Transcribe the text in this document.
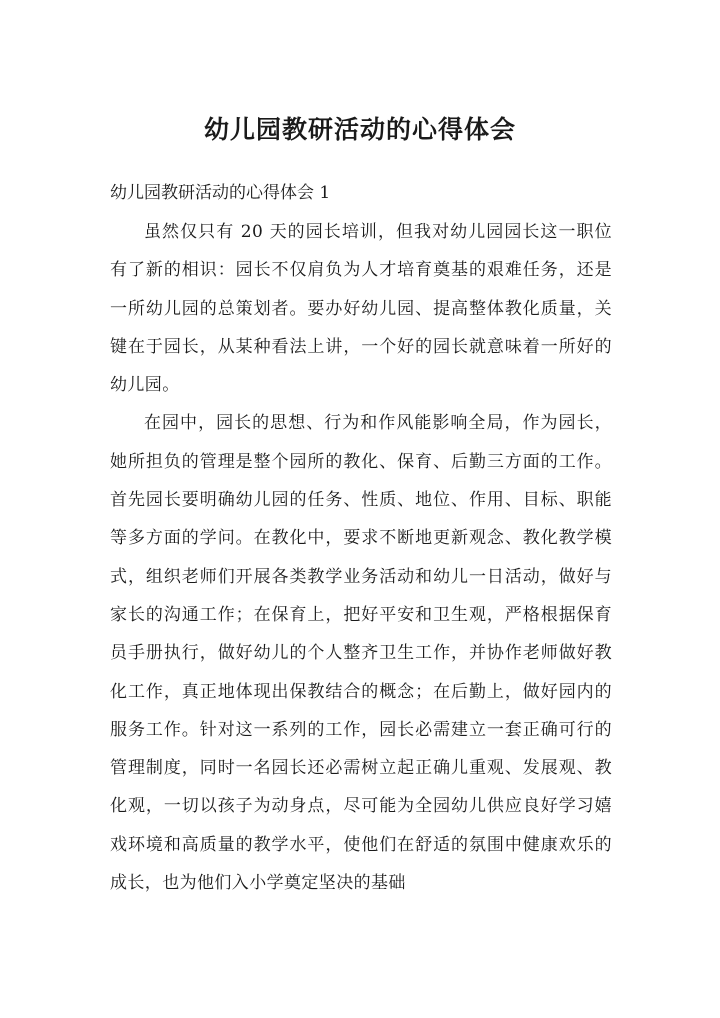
幼儿园教研活动的心得体会

幼儿园教研活动的心得体会 1

虽然仅只有 20 天的园长培训，但我对幼儿园园长这一职位有了新的相识：园长不仅肩负为人才培育奠基的艰难任务，还是一所幼儿园的总策划者。要办好幼儿园、提高整体教化质量，关键在于园长，从某种看法上讲，一个好的园长就意味着一所好的幼儿园。

在园中，园长的思想、行为和作风能影响全局，作为园长，她所担负的管理是整个园所的教化、保育、后勤三方面的工作。首先园长要明确幼儿园的任务、性质、地位、作用、目标、职能等多方面的学问。在教化中，要求不断地更新观念、教化教学模式，组织老师们开展各类教学业务活动和幼儿一日活动，做好与家长的沟通工作；在保育上，把好平安和卫生观，严格根据保育员手册执行，做好幼儿的个人整齐卫生工作，并协作老师做好教化工作，真正地体现出保教结合的概念；在后勤上，做好园内的服务工作。针对这一系列的工作，园长必需建立一套正确可行的管理制度，同时一名园长还必需树立起正确儿重观、发展观、教化观，一切以孩子为动身点，尽可能为全园幼儿供应良好学习嬉戏环境和高质量的教学水平，使他们在舒适的氛围中健康欢乐的成长，也为他们入小学奠定坚决的基础
